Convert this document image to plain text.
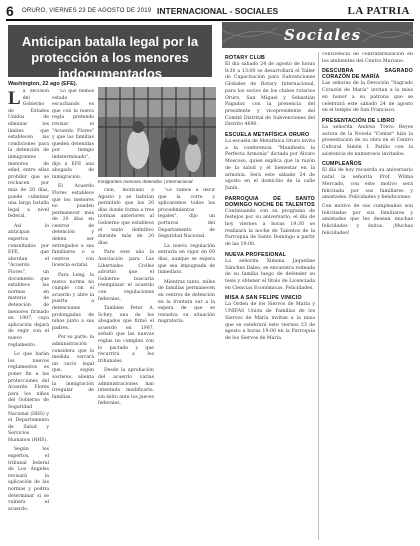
6 ORURO, VIERNES 23 DE AGOSTO DE 2019 INTERNACIONAL - SOCIALES	LA PATRIA
Anticipan batalla legal por la protección a los menores indocumentados
Washington, 22 ago (EFE).
L a decisión del Gobierno de Estados Unidos de eliminar los límites que establecen las condiciones para la detención de inmigrantes menores de edad, entre ellas prohibir que se rechacen por más de 20 días, puede culminar una larga batalla legal a nivel federal.

Así lo anticipan expertos consultados por EFE, que abordan el "Acuerdo Flores", un documento que establece las normas en materia de detención de menores firmado en 1997, cuya aplicación dejará de regir con el nuevo reglamento.

Lo que harán los nuevos reglamentos es poner fin a las protecciones del Acuerdo Flores para los niños del Gobierno de Seguridad Nacional (DHS) y el Departamento de Salud y Servicios Humanos (HHS).

Según los expertos, el tribunal federal de Los Ángeles revisará la aplicación de las normas y podría determinar si se vulnera el acuerdo.

"Lo que hemos estado escuchando es que con la nueva regla pretende revisar el "Acuerdo Flores" y que las familias queden detenidas por tiempo indeterminado", dijo a EFE una abogada de inmigración.

El Acuerdo Flores establece que los menores no pueden permanecer más de 20 días en centros de detención y deben ser entregados a sus familiares o a centros con licencia estatal.

Para Leng, la nueva norma no cumple con el acuerdo y abre la puerta a detenciones prolongadas de niños junto a sus padres.

Por su parte, la administración considera que la medida cerrará un vacío legal que, según sostiene, alienta la inmigración irregular de familias.

Inmigrantes menores detenidos | Internacional.

ción, motivado a Agosto y se habrían permitido que los 20 días donde forma a tres normas anteriores al Gobierno que establece el texto definitivo durante más de 20 días.

Para este año la Asociación para Las Libertades Civiles advirtió que el Gobierno buscaría reemplazar el acuerdo con regulaciones federales.

Tambien Peter A. Schey, uno de los abogados que firmó el acuerdo en 1997, señaló que las nuevas reglas no cumplen con lo pactado y que recurrirá a los tribunales.

Desde la aprobación del acuerdo varias administraciones han intentado modificarlo, sin éxito ante los jueces federales.

"Le vamos a decir que la corte y aplicaremos todos los procedimientos legales", dijo un portavoz del Departamento de Seguridad Nacional.

La nueva regulación entraría en vigor en 60 días, aunque se espera que sea impugnada de inmediato.

Mientras tanto, miles de familias permanecen en centros de detención en la frontera sur a la espera de que se resuelva su situación migratoria.

Sociales
ROTARY CLUB

El día sábado 24 de agosto de horas 8:30 a 13:00 se desarrollará el Taller de Capacitación para Subvenciones Globales de Rotary Internacional, para los socios de los clubes rotarios Oruro, San Miguel y Sebastián Pagador, con la presencia del presidente y vicepresidente del Comité Distrital de Subvenciones del Distrito 4690.

ESCUELA METAFÍSICA ORURO

La escuela de Metafísica Oruro invita a la conferencia "Manifiesta la Perfecta Armonía" dictada por Álvaro Moscoso, quien explica que la razón de la salud y el bienestar en la armonía. Será este sábado 24 de agosto en el domicilio de la calle Junín.

PARROQUIA DE SANTO DOMINGO NOCHE DE TALENTOS

Continuando con su programa de festejos por su aniversario, el día de hoy viernes a horas 19:30 se realizará la noche de Talentos de la Parroquia de Santo Domingo a partir de las 19:00.

NUEVA PROFESIONAL

La señorita Ximena Jaqueline Sánchez Daleo, se encuentra rodeada de su familia luego de defender su tesis y obtener el título de Licenciada en Ciencias Económicas. Felicidades.

MISA A SAN FELIPE VINICIO

La Orden de los Siervos de María y UNIFAS Unión de Familias de los Siervos de María invitan a la misa que se celebrará este viernes 23 de agosto a horas 19:00 en la Parroquia de los Siervos de María.

convivencia de confraternización en los ambientes del Centro Mariano.

DESCUBRA SAGRADO CORAZÓN DE MARÍA

Las señoras de la Devoción "Sagrado Corazón de María" invitan a la misa en honor a su patrona que se celebrará este sábado 24 de agosto en el templo de San Francisco.

PRESENTACIÓN DE LIBRO

La señorita Andrea Trevo Reyes autora de la Novela "Contar" hizo la presentación de su obra en el Centro Cultural Simón I. Patiño con la asistencia de numerosos invitados.

CUMPLEAÑOS

El día de hoy recuerda su aniversario natal la señorita Prof. Wilma Mercado, con este motivo será felicitada por sus familiares y amistades. Felicidades y bendiciones.

Con motivo de sus cumpleaños son felicitadas por sus familiares y amistades que les desean muchas felicidades y éxitos. ¡Muchas felicidades!
